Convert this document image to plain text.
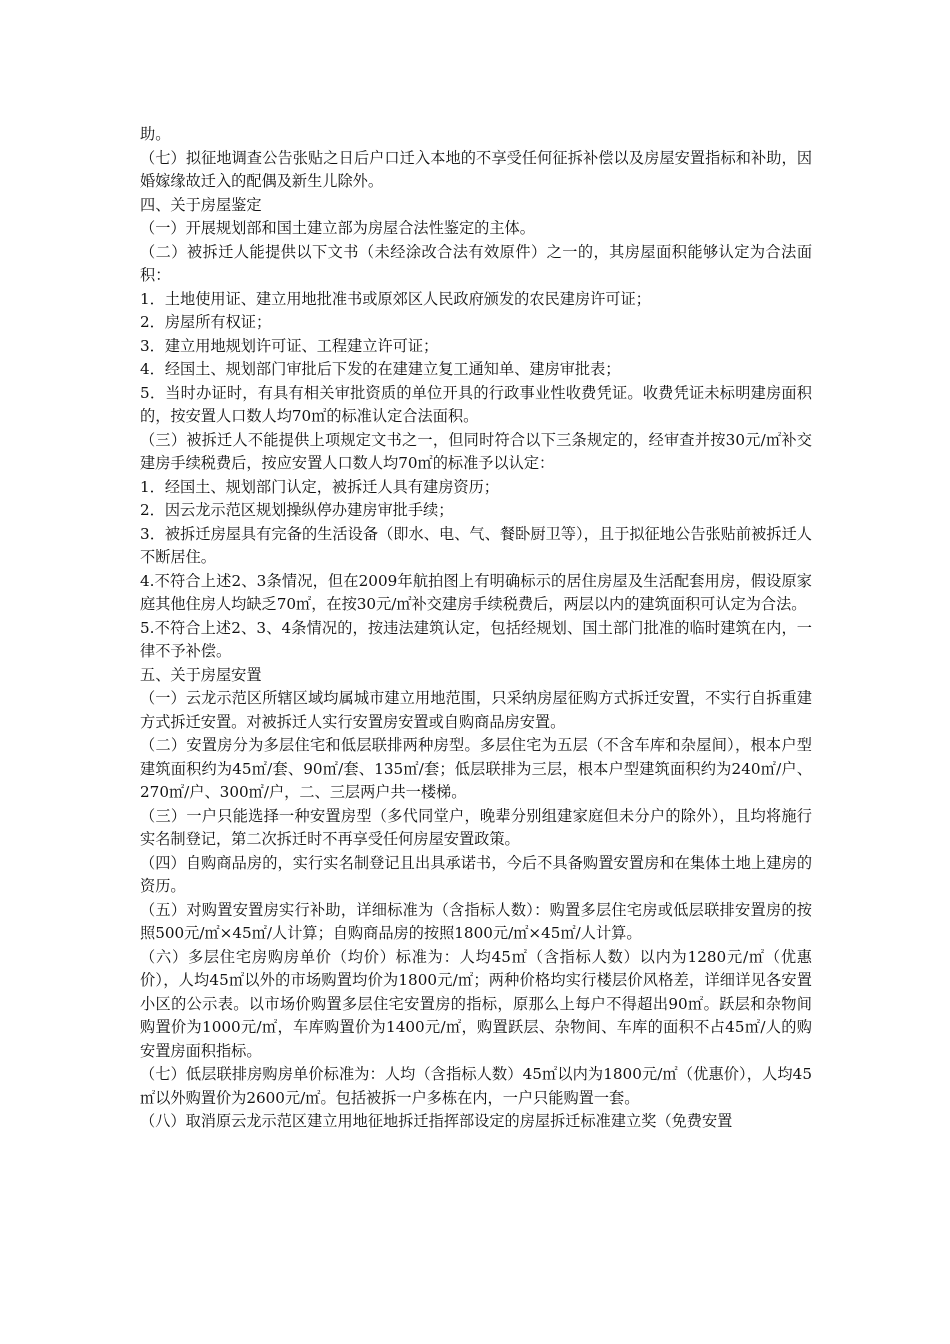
助。

（七）拟征地调查公告张贴之日后户口迁入本地的不享受任何征拆补偿以及房屋安置指标和补助，因婚嫁缘故迁入的配偶及新生儿除外。

四、关于房屋鉴定

（一）开展规划部和国土建立部为房屋合法性鉴定的主体。

（二）被拆迁人能提供以下文书（未经涂改合法有效原件）之一的，其房屋面积能够认定为合法面积：

1．土地使用证、建立用地批准书或原郊区人民政府颁发的农民建房许可证；

2．房屋所有权证；

3．建立用地规划许可证、工程建立许可证；

4．经国土、规划部门审批后下发的在建建立复工通知单、建房审批表；

5．当时办证时，有具有相关审批资质的单位开具的行政事业性收费凭证。收费凭证未标明建房面积的，按安置人口数人均70㎡的标准认定合法面积。

（三）被拆迁人不能提供上项规定文书之一，但同时符合以下三条规定的，经审查并按30元/㎡补交建房手续税费后，按应安置人口数人均70㎡的标准予以认定：

1．经国土、规划部门认定，被拆迁人具有建房资历；

2．因云龙示范区规划操纵停办建房审批手续；

3．被拆迁房屋具有完备的生活设备（即水、电、气、餐卧厨卫等），且于拟征地公告张贴前被拆迁人不断居住。

4.不符合上述2、3条情况，但在2009年航拍图上有明确标示的居住房屋及生活配套用房，假设原家庭其他住房人均缺乏70㎡，在按30元/㎡补交建房手续税费后，两层以内的建筑面积可认定为合法。

5.不符合上述2、3、4条情况的，按违法建筑认定，包括经规划、国土部门批准的临时建筑在内，一律不予补偿。

五、关于房屋安置

（一）云龙示范区所辖区域均属城市建立用地范围，只采纳房屋征购方式拆迁安置，不实行自拆重建方式拆迁安置。对被拆迁人实行安置房安置或自购商品房安置。

（二）安置房分为多层住宅和低层联排两种房型。多层住宅为五层（不含车库和杂屋间），根本户型建筑面积约为45㎡/套、90㎡/套、135㎡/套；低层联排为三层，根本户型建筑面积约为240㎡/户、270㎡/户、300㎡/户，二、三层两户共一楼梯。

（三）一户只能选择一种安置房型（多代同堂户，晚辈分别组建家庭但未分户的除外），且均将施行实名制登记，第二次拆迁时不再享受任何房屋安置政策。

（四）自购商品房的，实行实名制登记且出具承诺书，今后不具备购置安置房和在集体土地上建房的资历。

（五）对购置安置房实行补助，详细标准为（含指标人数）：购置多层住宅房或低层联排安置房的按照500元/㎡×45㎡/人计算；自购商品房的按照1800元/㎡×45㎡/人计算。

（六）多层住宅房购房单价（均价）标准为：人均45㎡（含指标人数）以内为1280元/㎡（优惠价），人均45㎡以外的市场购置均价为1800元/㎡；两种价格均实行楼层价风格差，详细详见各安置小区的公示表。以市场价购置多层住宅安置房的指标，原那么上每户不得超出90㎡。跃层和杂物间购置价为1000元/㎡，车库购置价为1400元/㎡，购置跃层、杂物间、车库的面积不占45㎡/人的购安置房面积指标。

（七）低层联排房购房单价标准为：人均（含指标人数）45㎡以内为1800元/㎡（优惠价），人均45㎡以外购置价为2600元/㎡。包括被拆一户多栋在内，一户只能购置一套。

（八）取消原云龙示范区建立用地征地拆迁指挥部设定的房屋拆迁标准建立奖（免费安置
